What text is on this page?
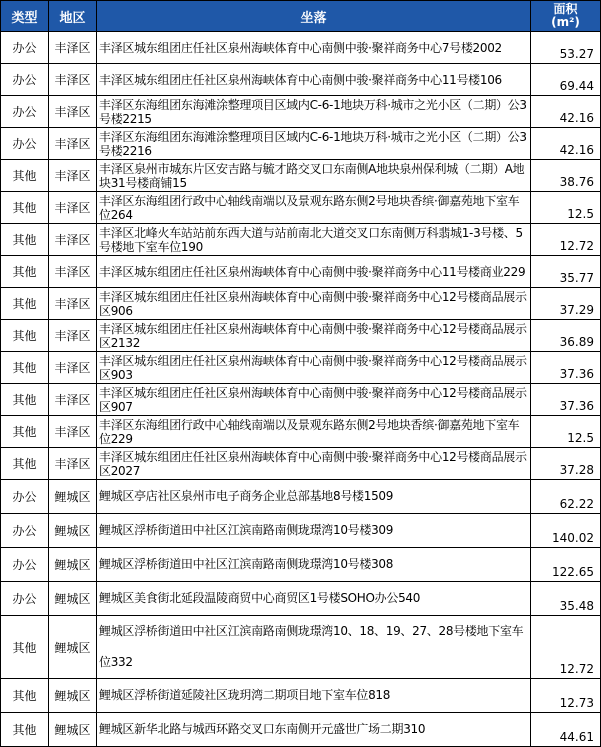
类型	地区	坐落	面积
(m²)
办公	丰泽区	丰泽区城东组团庄任社区泉州海峡体育中心南侧中骏·聚祥商务中心7号楼2002	53.27
办公	丰泽区	丰泽区城东组团庄任社区泉州海峡体育中心南侧中骏·聚祥商务中心11号楼106	69.44
办公	丰泽区	丰泽区东海组团东海滩涂整理项目区域内C-6-1地块万科·城市之光小区（二期）公3号楼2215	42.16
办公	丰泽区	丰泽区东海组团东海滩涂整理项目区域内C-6-1地块万科·城市之光小区（二期）公3号楼2216	42.16
其他	丰泽区	丰泽区泉州市城东片区安吉路与毓才路交叉口东南侧A地块泉州保利城（二期）A地块31号楼商铺15	38.76
其他	丰泽区	丰泽区东海组团行政中心轴线南端以及景观东路东侧2号地块香缤·御嘉苑地下室车位264	12.5
其他	丰泽区	丰泽区北峰火车站站前东西大道与站前南北大道交叉口东南侧万科翡城1-3号楼、5号楼地下室车位190	12.72
其他	丰泽区	丰泽区城东组团庄任社区泉州海峡体育中心南侧中骏·聚祥商务中心11号楼商业229	35.77
其他	丰泽区	丰泽区城东组团庄任社区泉州海峡体育中心南侧中骏·聚祥商务中心12号楼商品展示区906	37.29
其他	丰泽区	丰泽区城东组团庄任社区泉州海峡体育中心南侧中骏·聚祥商务中心12号楼商品展示区2132	36.89
其他	丰泽区	丰泽区城东组团庄任社区泉州海峡体育中心南侧中骏·聚祥商务中心12号楼商品展示区903	37.36
其他	丰泽区	丰泽区城东组团庄任社区泉州海峡体育中心南侧中骏·聚祥商务中心12号楼商品展示区907	37.36
其他	丰泽区	丰泽区东海组团行政中心轴线南端以及景观东路东侧2号地块香缤·御嘉苑地下室车位229	12.5
其他	丰泽区	丰泽区城东组团庄任社区泉州海峡体育中心南侧中骏·聚祥商务中心12号楼商品展示区2027	37.28
办公	鲤城区	鲤城区亭店社区泉州市电子商务企业总部基地8号楼1509	62.22
办公	鲤城区	鲤城区浮桥街道田中社区江滨南路南侧珑璟湾10号楼309	140.02
办公	鲤城区	鲤城区浮桥街道田中社区江滨南路南侧珑璟湾10号楼308	122.65
办公	鲤城区	鲤城区美食街北延段温陵商贸中心商贸区1号楼SOHO办公540	35.48
其他	鲤城区	鲤城区浮桥街道田中社区江滨南路南侧珑璟湾10、18、19、27、28号楼地下室车位332	12.72
其他	鲤城区	鲤城区浮桥街道延陵社区珑玥湾二期项目地下室车位818	12.73
其他	鲤城区	鲤城区新华北路与城西环路交叉口东南侧开元盛世广场二期310	44.61
